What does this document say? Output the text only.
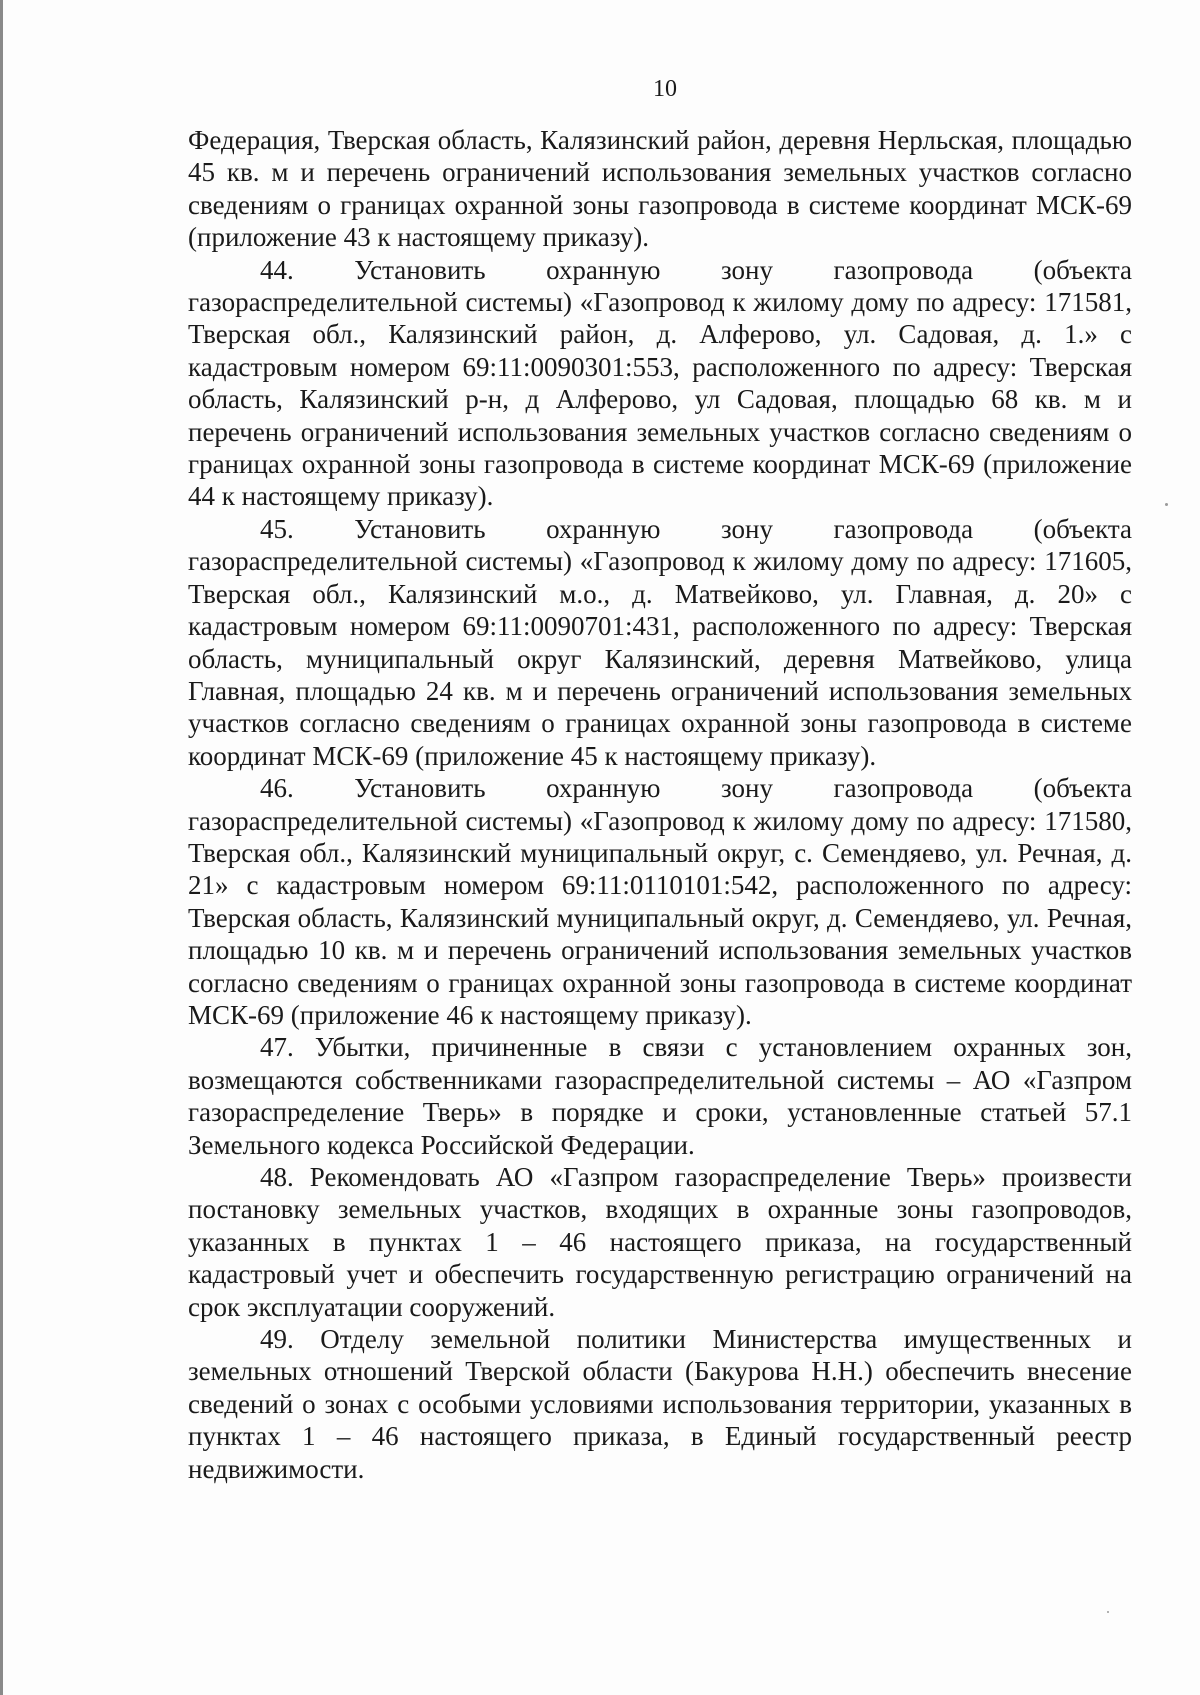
10

Федерация, Тверская область, Калязинский район, деревня Нерльская, площадью 45 кв. м и перечень ограничений использования земельных участков согласно сведениям о границах охранной зоны газопровода в системе координат МСК-69 (приложение 43 к настоящему приказу).

44. Установить охранную зону газопровода (объекта газораспределительной системы) «Газопровод к жилому дому по адресу: 171581, Тверская обл., Калязинский район, д. Алферово, ул. Садовая, д. 1.» с кадастровым номером 69:11:0090301:553, расположенного по адресу: Тверская область, Калязинский р-н, д Алферово, ул Садовая, площадью 68 кв. м и перечень ограничений использования земельных участков согласно сведениям о границах охранной зоны газопровода в системе координат МСК-69 (приложение 44 к настоящему приказу).

45. Установить охранную зону газопровода (объекта газораспределительной системы) «Газопровод к жилому дому по адресу: 171605, Тверская обл., Калязинский м.о., д. Матвейково, ул. Главная, д. 20» с кадастровым номером 69:11:0090701:431, расположенного по адресу: Тверская область, муниципальный округ Калязинский, деревня Матвейково, улица Главная, площадью 24 кв. м и перечень ограничений использования земельных участков согласно сведениям о границах охранной зоны газопровода в системе координат МСК-69 (приложение 45 к настоящему приказу).

46. Установить охранную зону газопровода (объекта газораспределительной системы) «Газопровод к жилому дому по адресу: 171580, Тверская обл., Калязинский муниципальный округ, с. Семендяево, ул. Речная, д. 21» с кадастровым номером 69:11:0110101:542, расположенного по адресу: Тверская область, Калязинский муниципальный округ, д. Семендяево, ул. Речная, площадью 10 кв. м и перечень ограничений использования земельных участков согласно сведениям о границах охранной зоны газопровода в системе координат МСК-69 (приложение 46 к настоящему приказу).

47. Убытки, причиненные в связи с установлением охранных зон, возмещаются собственниками газораспределительной системы – АО «Газпром газораспределение Тверь» в порядке и сроки, установленные статьей 57.1 Земельного кодекса Российской Федерации.

48. Рекомендовать АО «Газпром газораспределение Тверь» произвести постановку земельных участков, входящих в охранные зоны газопроводов, указанных в пунктах 1 – 46 настоящего приказа, на государственный кадастровый учет и обеспечить государственную регистрацию ограничений на срок эксплуатации сооружений.

49. Отделу земельной политики Министерства имущественных и земельных отношений Тверской области (Бакурова Н.Н.) обеспечить внесение сведений о зонах с особыми условиями использования территории, указанных в пунктах 1 – 46 настоящего приказа, в Единый государственный реестр недвижимости.
